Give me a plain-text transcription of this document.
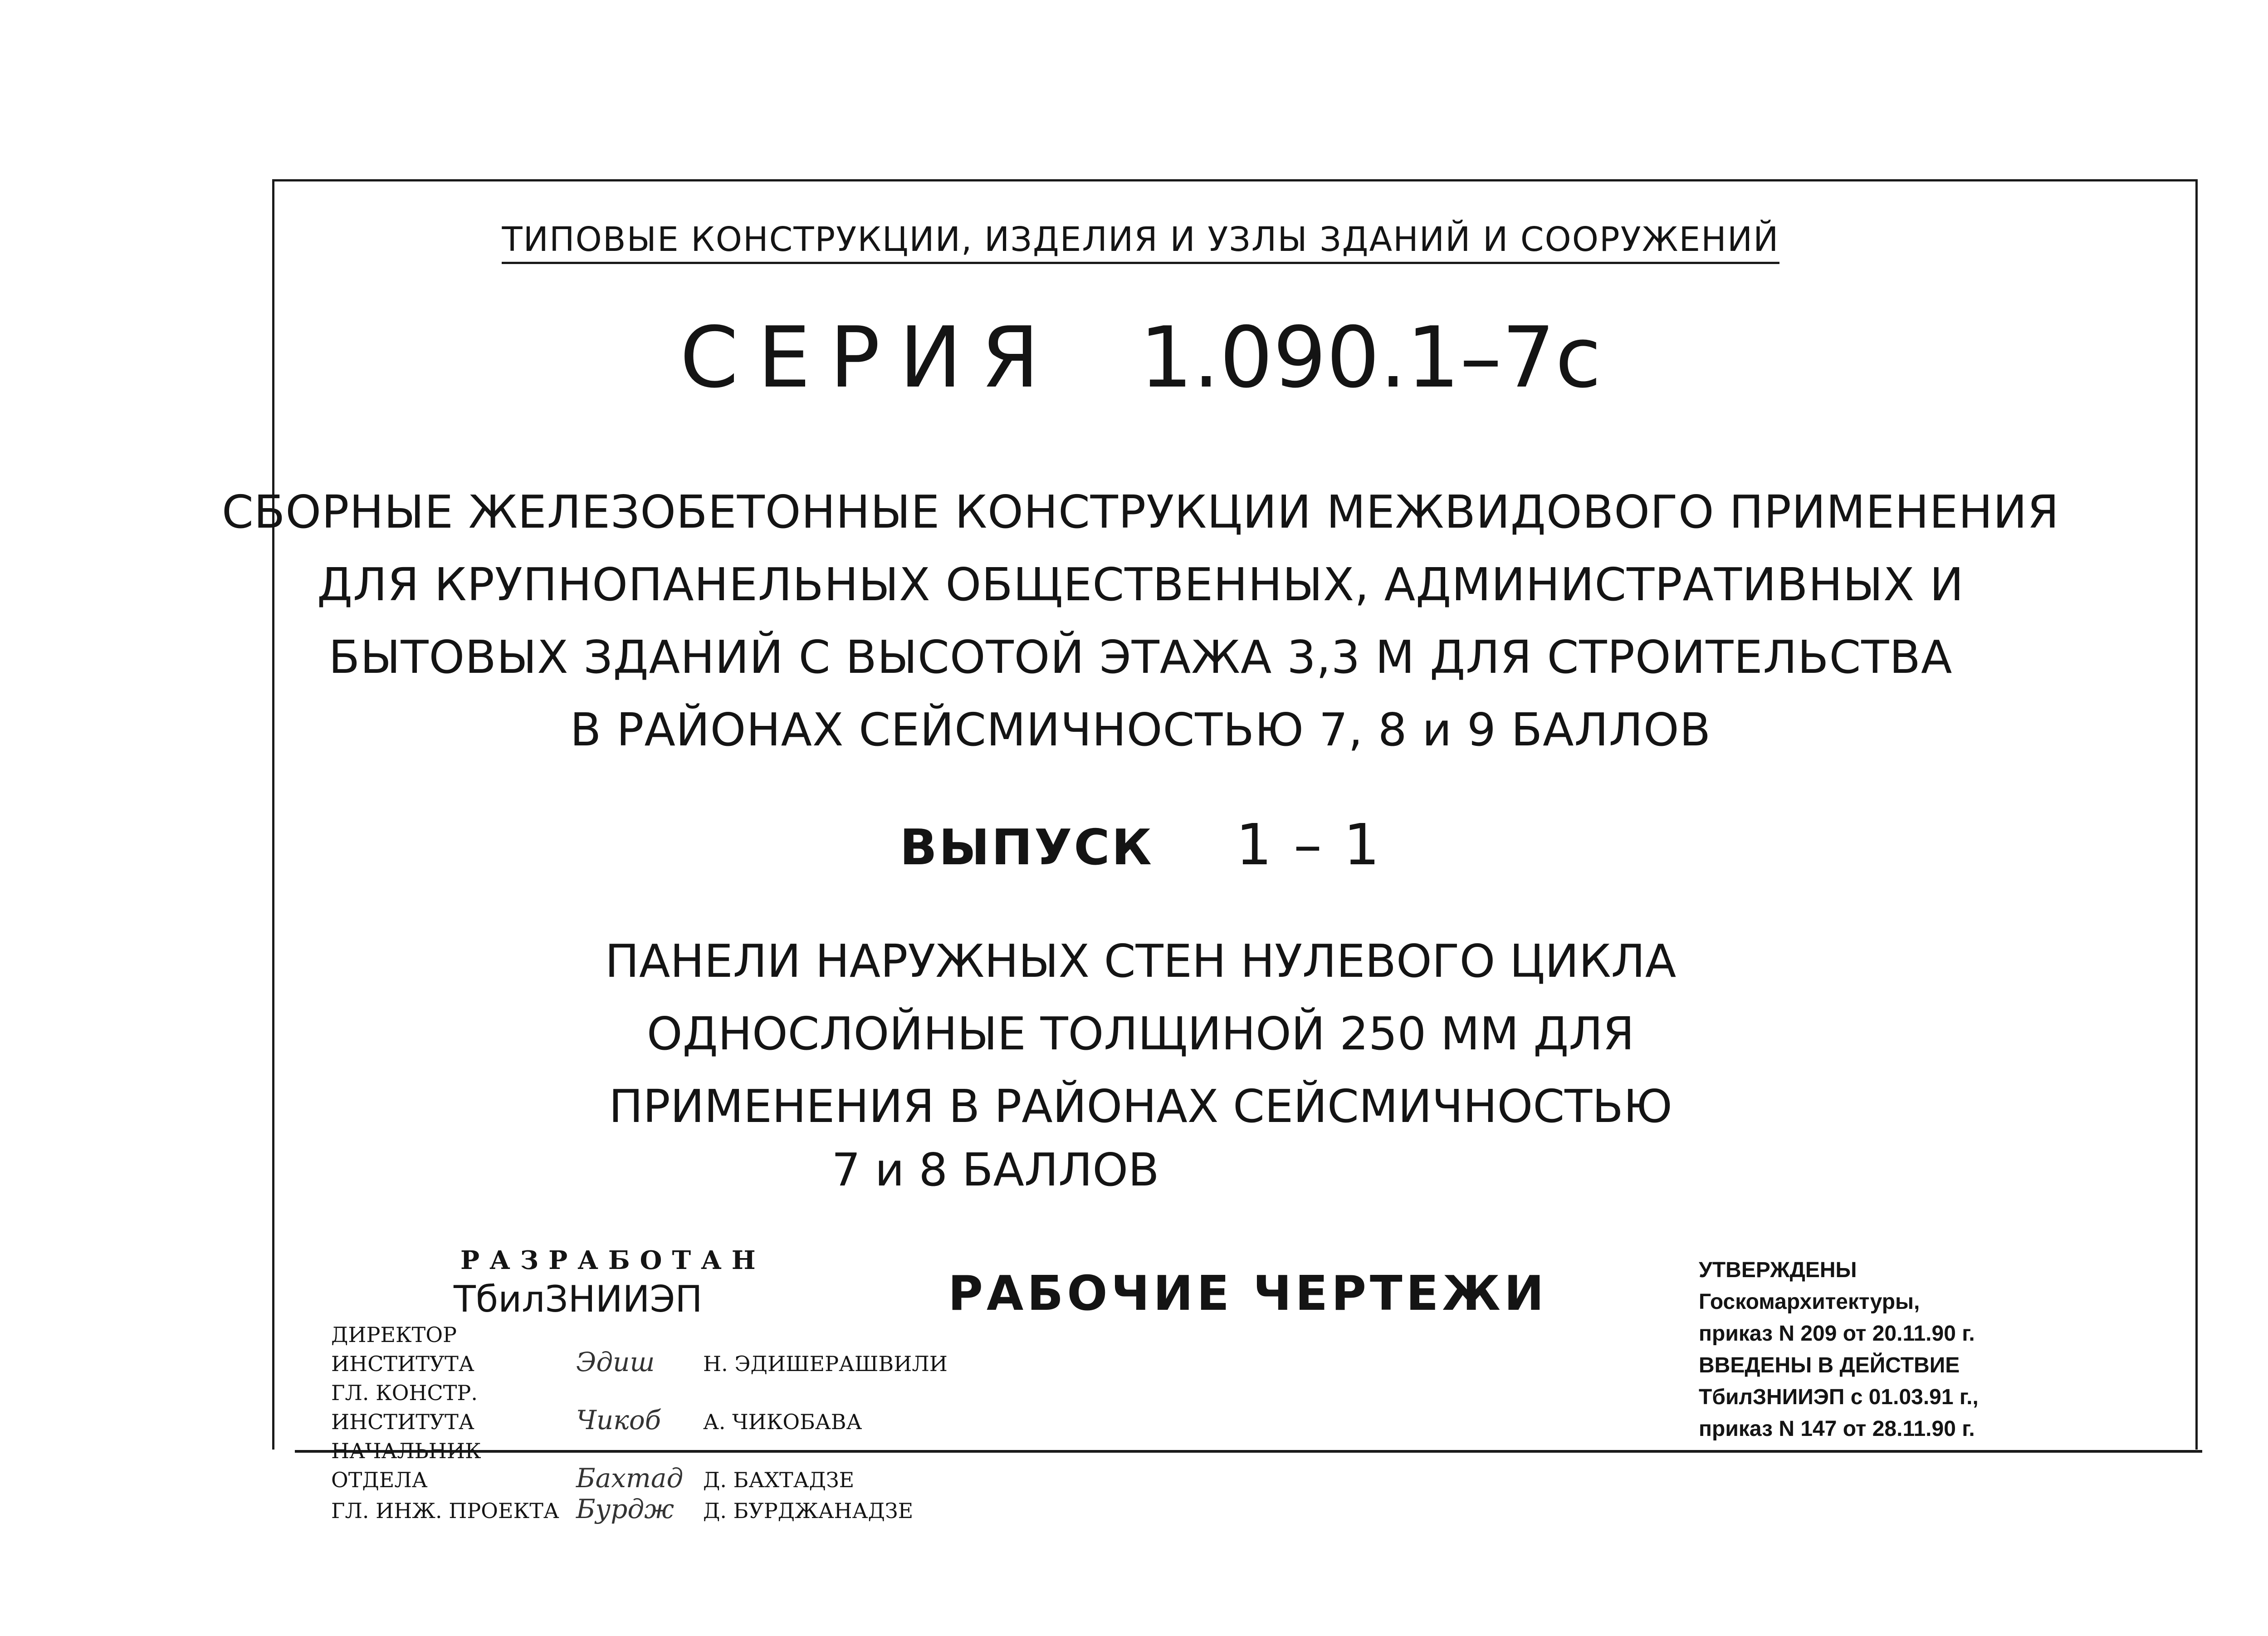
ТИПОВЫЕ КОНСТРУКЦИИ, ИЗДЕЛИЯ И УЗЛЫ ЗДАНИЙ И СООРУЖЕНИЙ
СЕРИЯ 1.090.1–7с
СБОРНЫЕ ЖЕЛЕЗОБЕТОННЫЕ КОНСТРУКЦИИ МЕЖВИДОВОГО ПРИМЕНЕНИЯ
ДЛЯ КРУПНОПАНЕЛЬНЫХ ОБЩЕСТВЕННЫХ, АДМИНИСТРАТИВНЫХ И
БЫТОВЫХ ЗДАНИЙ С ВЫСОТОЙ ЭТАЖА 3,3 М ДЛЯ СТРОИТЕЛЬСТВА
В РАЙОНАХ СЕЙСМИЧНОСТЬЮ 7, 8 и 9 БАЛЛОВ
ВЫПУСК 1 – 1
ПАНЕЛИ НАРУЖНЫХ СТЕН НУЛЕВОГО ЦИКЛА
ОДНОСЛОЙНЫЕ ТОЛЩИНОЙ 250 ММ ДЛЯ
ПРИМЕНЕНИЯ В РАЙОНАХ СЕЙСМИЧНОСТЬЮ
7 и 8 БАЛЛОВ
РАБОЧИЕ ЧЕРТЕЖИ
РАЗРАБОТАН
ТбилЗНИИЭП
ДИРЕКТОР ИНСТИТУТА	Эдиш Н. ЭДИШЕРАШВИЛИ
ГЛ. КОНСТР. ИНСТИТУТА	Чикоб А. ЧИКОБАВА
НАЧАЛЬНИК ОТДЕЛА	Бахтад Д. БАХТАДЗЕ
ГЛ. ИНЖ. ПРОЕКТА Бурдж Д. БУРДЖАНАДЗЕ
УТВЕРЖДЕНЫ
Госкомархитектуры,
приказ N 209 от 20.11.90 г.
ВВЕДЕНЫ В ДЕЙСТВИЕ
ТбилЗНИИЭП с 01.03.91 г.,
приказ N 147 от 28.11.90 г.
